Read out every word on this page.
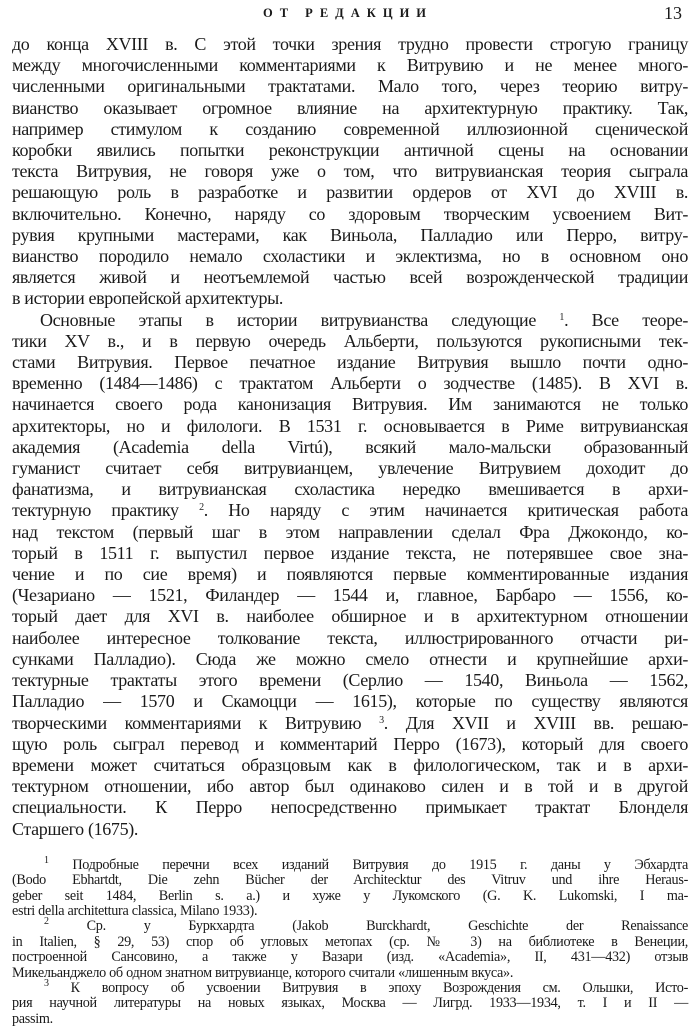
ОТ РЕДАКЦИИ	13
до конца XVIII в. С этой точки зрения трудно провести строгую границу
между многочисленными комментариями к Витрувию и не менее много-
численными оригинальными трактатами. Мало того, через теорию витру-
вианство оказывает огромное влияние на архитектурную практику. Так,
например стимулом к созданию современной иллюзионной сценической
коробки явились попытки реконструкции античной сцены на основании
текста Витрувия, не говоря уже о том, что витрувианская теория сыграла
решающую роль в разработке и развитии ордеров от XVI до XVIII в.
включительно. Конечно, наряду со здоровым творческим усвоением Вит-
рувия крупными мастерами, как Виньола, Палладио или Перро, витру-
вианство породило немало схоластики и эклектизма, но в основном оно
является живой и неотъемлемой частью всей возрожденческой традиции
в истории европейской архитектуры.
Основные этапы в истории витрувианства следующие $^1$. Все теоре-
тики XV в., и в первую очередь Альберти, пользуются рукописными тек-
стами Витрувия. Первое печатное издание Витрувия вышло почти одно-
временно (1484—1486) с трактатом Альберти о зодчестве (1485). В XVI в.
начинается своего рода канонизация Витрувия. Им занимаются не только
архитекторы, но и филологи. В 1531 г. основывается в Риме витрувианская
академия (Academia della Virtú), всякий мало-мальски образованный
гуманист считает себя витрувианцем, увлечение Витрувием доходит до
фанатизма, и витрувианская схоластика нередко вмешивается в архи-
тектурную практику $^2$. Но наряду с этим начинается критическая работа
над текстом (первый шаг в этом направлении сделал Фра Джокондо, ко-
торый в 1511 г. выпустил первое издание текста, не потерявшее свое зна-
чение и по сие время) и появляются первые комментированные издания
(Чезариано — 1521, Филандер — 1544 и, главное, Барбаро — 1556, ко-
торый дает для XVI в. наиболее обширное и в архитектурном отношении
наиболее интересное толкование текста, иллюстрированного отчасти ри-
сунками Палладио). Сюда же можно смело отнести и крупнейшие архи-
тектурные трактаты этого времени (Серлио — 1540, Виньола — 1562,
Палладио — 1570 и Скамоцци — 1615), которые по существу являются
творческими комментариями к Витрувию $^3$. Для XVII и XVIII вв. решаю-
щую роль сыграл перевод и комментарий Перро (1673), который для своего
времени может считаться образцовым как в филологическом, так и в архи-
тектурном отношении, ибо автор был одинаково силен и в той и в другой
специальности. К Перро непосредственно примыкает трактат Блонделя
Старшего (1675).
$^1$ Подробные перечни всех изданий Витрувия до 1915 г. даны у Эбхардта
(Bodo Ebhartdt, Die zehn Bücher der Architecktur des Vitruv und ihre Heraus-
geber seit 1484, Berlin s. a.) и хуже у Лукомского (G. K. Lukomski, I ma-
estri della architettura classica, Milano 1933).
$^2$	Ср. у Буркхардта (Jakob Burckhardt, Geschichte der Renaissance
in Italien, § 29, 53) спор об угловых метопах (ср. № 3) на библиотеке в Венеции,
построенной Сансовино, а также у Вазари (изд. «Academia», II, 431—432) отзыв
Микельанджело об одном знатном витрувианце, которого считали «лишенным вкуса».
$^3$ К вопросу об усвоении Витрувия в эпоху Возрождения см. Ольшки, Исто-
рия научной литературы на новых языках, Москва — Лигрд. 1933—1934, т. I и II —
passim.
